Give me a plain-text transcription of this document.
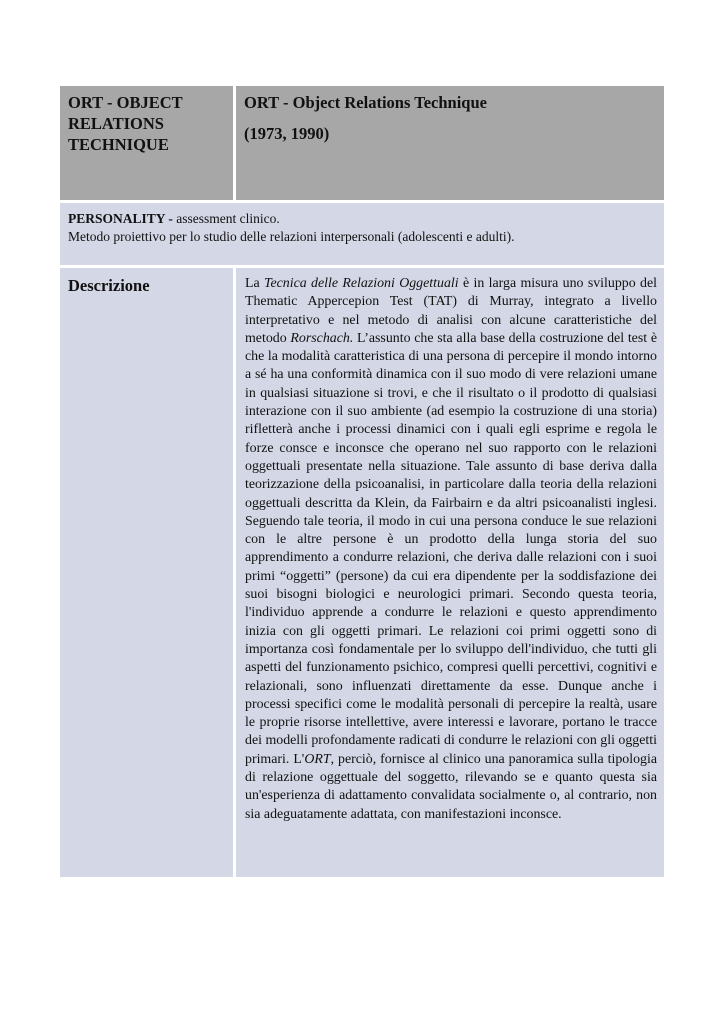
ORT - OBJECT
RELATIONS
TECHNIQUE
ORT - Object Relations Technique
(1973, 1990)
PERSONALITY - assessment clinico.
Metodo proiettivo per lo studio delle relazioni interpersonali (adolescenti e adulti).
Descrizione	La Tecnica delle Relazioni Oggettuali è in larga misura uno sviluppo del Thematic Appercepion Test (TAT) di Murray, integrato a livello interpretativo e nel metodo di analisi con alcune caratteristiche del metodo Rorschach. L’assunto che sta alla base della costruzione del test è che la modalità caratteristica di una persona di percepire il mondo intorno a sé ha una conformità dinamica con il suo modo di vere relazioni umane in qualsiasi situazione si trovi, e che il risultato o il prodotto di qualsiasi interazione con il suo ambiente (ad esempio la costruzione di una storia) rifletterà anche i processi dinamici con i quali egli esprime e regola le forze consce e inconsce che operano nel suo rapporto con le relazioni oggettuali presentate nella situazione. Tale assunto di base deriva dalla teorizzazione della psicoanalisi, in particolare dalla teoria della relazioni oggettuali descritta da Klein, da Fairbairn e da altri psicoanalisti inglesi. Seguendo tale teoria, il modo in cui una persona conduce le sue relazioni con le altre persone è un prodotto della lunga storia del suo apprendimento a condurre relazioni, che deriva dalle relazioni con i suoi primi “oggetti” (persone) da cui era dipendente per la soddisfazione dei suoi bisogni biologici e neurologici primari. Secondo questa teoria, l'individuo apprende a condurre le relazioni e questo apprendimento inizia con gli oggetti primari. Le relazioni coi primi oggetti sono di importanza così fondamentale per lo sviluppo dell'individuo, che tutti gli aspetti del funzionamento psichico, compresi quelli percettivi, cognitivi e relazionali, sono influenzati direttamente da esse. Dunque anche i processi specifici come le modalità personali di percepire la realtà, usare le proprie risorse intellettive, avere interessi e lavorare, portano le tracce dei modelli profondamente radicati di condurre le relazioni con gli oggetti primari. L'ORT, perciò, fornisce al clinico una panoramica sulla tipologia di relazione oggettuale del soggetto, rilevando se e quanto questa sia un'esperienza di adattamento convalidata socialmente o, al contrario, non sia adeguatamente adattata, con manifestazioni inconsce.
